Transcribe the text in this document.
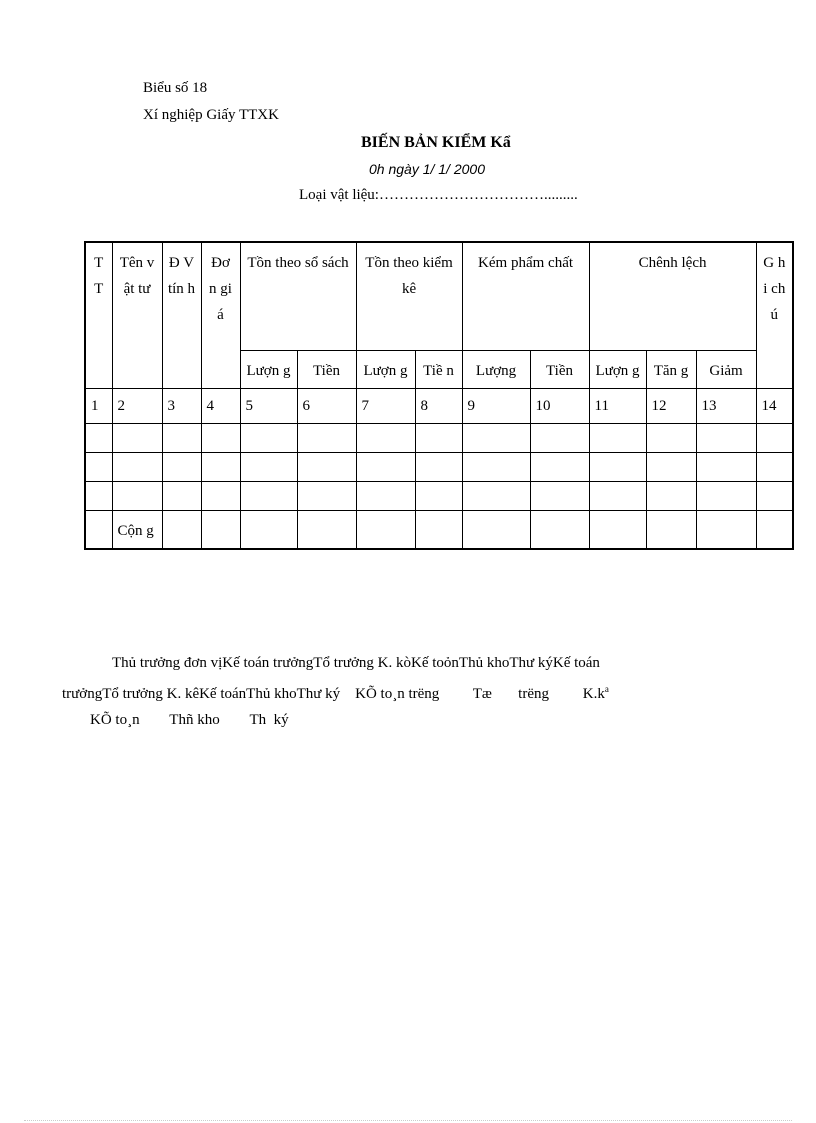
Biểu số 18
Xí nghiệp Giấy TTXK
BIẾN BẢN KIỂM Kẩ
0h ngày 1/ 1/ 2000
Loại vật liệu:…………………………….........
T T	Tên vật tư	Đ V tín h	Đơ n giá	Tồn theo sổ sách		Tồn theo kiểm kê		Kém phẩm chất		Chênh lệch			G hi ch ú
				Lượn g	Tiền	Lượn g	Tiề n	Lượng	Tiền	Lượn g	Tăn g	Giảm	
1	2	3	4	5	6	7	8	9	10	11	12	13	14

	Cộn g												
Thủ trưởng đơn vịKế toán trưởngTổ trưởng K. kòKế toỏnThủ khoThư kýKế toán
trưởngTổ trưởng K. kêKế toánThủ khoThư ký    KÕ to¸n trëng         Tæ       trëng         $K.k^a$
KÕ to¸n        Thñ kho        Th  ký
